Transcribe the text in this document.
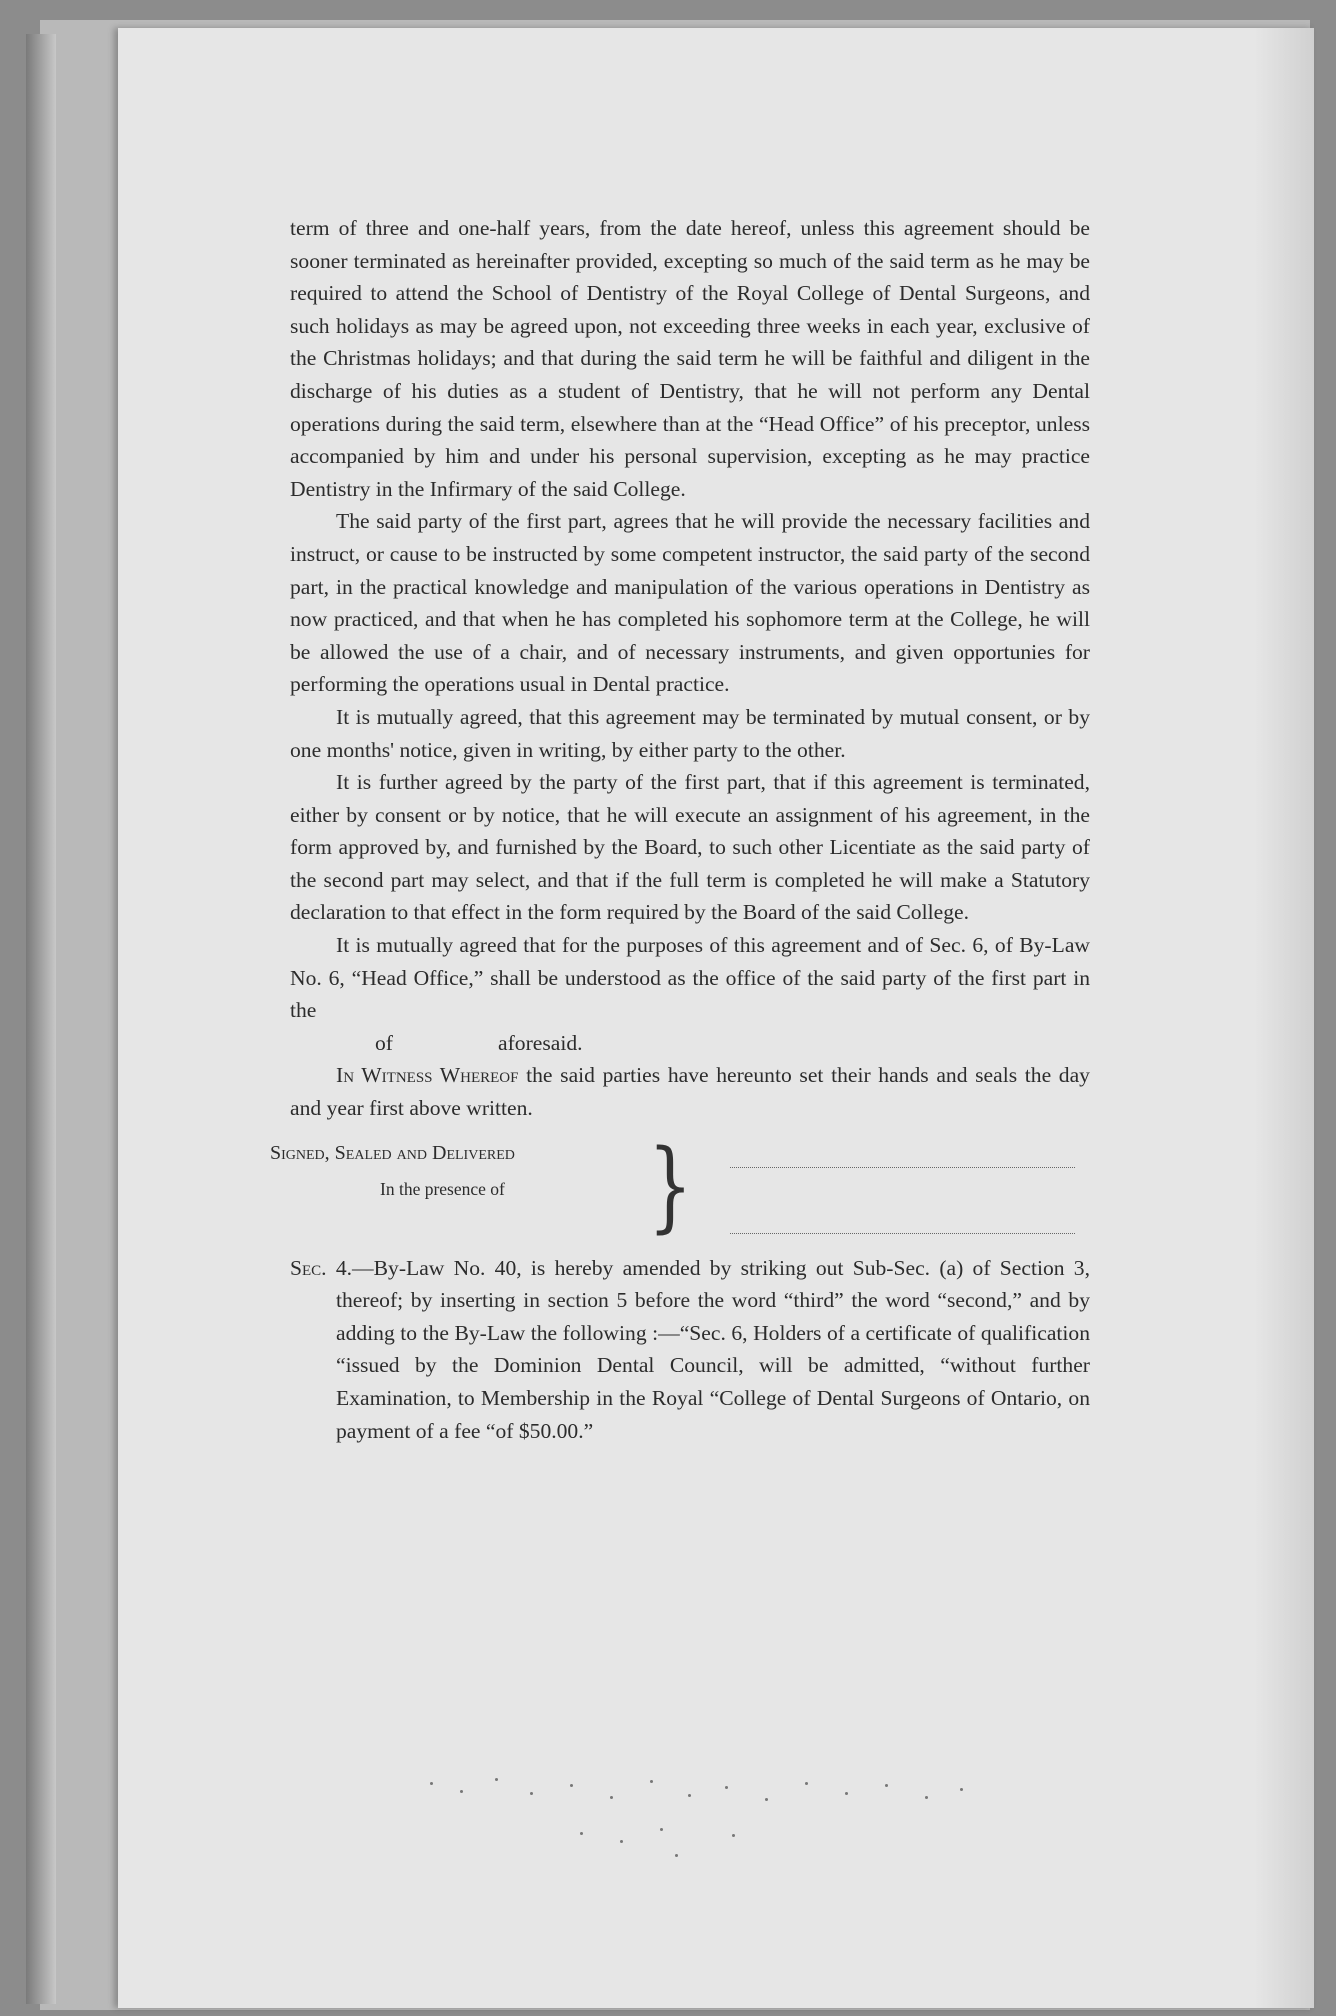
term of three and one-half years, from the date hereof, unless this agreement should be sooner terminated as hereinafter provided, excepting so much of the said term as he may be required to attend the School of Dentistry of the Royal College of Dental Surgeons, and such holidays as may be agreed upon, not exceeding three weeks in each year, exclusive of the Christmas holidays; and that during the said term he will be faithful and diligent in the discharge of his duties as a student of Dentistry, that he will not perform any Dental operations during the said term, elsewhere than at the “Head Office” of his preceptor, unless accompanied by him and under his personal supervision, excepting as he may practice Dentistry in the Infirmary of the said College.

The said party of the first part, agrees that he will provide the necessary facilities and instruct, or cause to be instructed by some competent instructor, the said party of the second part, in the practical knowledge and manipulation of the various operations in Dentistry as now practiced, and that when he has completed his sophomore term at the College, he will be allowed the use of a chair, and of necessary instruments, and given opportunies for performing the operations usual in Dental practice.

It is mutually agreed, that this agreement may be terminated by mutual consent, or by one months' notice, given in writing, by either party to the other.

It is further agreed by the party of the first part, that if this agreement is terminated, either by consent or by notice, that he will execute an assignment of his agreement, in the form approved by, and furnished by the Board, to such other Licentiate as the said party of the second part may select, and that if the full term is completed he will make a Statutory declaration to that effect in the form required by the Board of the said College.

It is mutually agreed that for the purposes of this agreement and of Sec. 6, of By-Law No. 6, “Head Office,” shall be understood as the office of the said party of the first part in the

of	aforesaid.

In Witness Whereof the said parties have hereunto set their hands and seals the day and year first above written.

Signed, Sealed and Delivered
In the presence of }

Sec. 4.—By-Law No. 40, is hereby amended by striking out Sub-Sec. (a) of Section 3, thereof; by inserting in section 5 before the word “third” the word “second,” and by adding to the By-Law the following :—“Sec. 6, Holders of a certificate of qualification “issued by the Dominion Dental Council, will be admitted, “without further Examination, to Membership in the Royal “College of Dental Surgeons of Ontario, on payment of a fee “of $50.00.”
